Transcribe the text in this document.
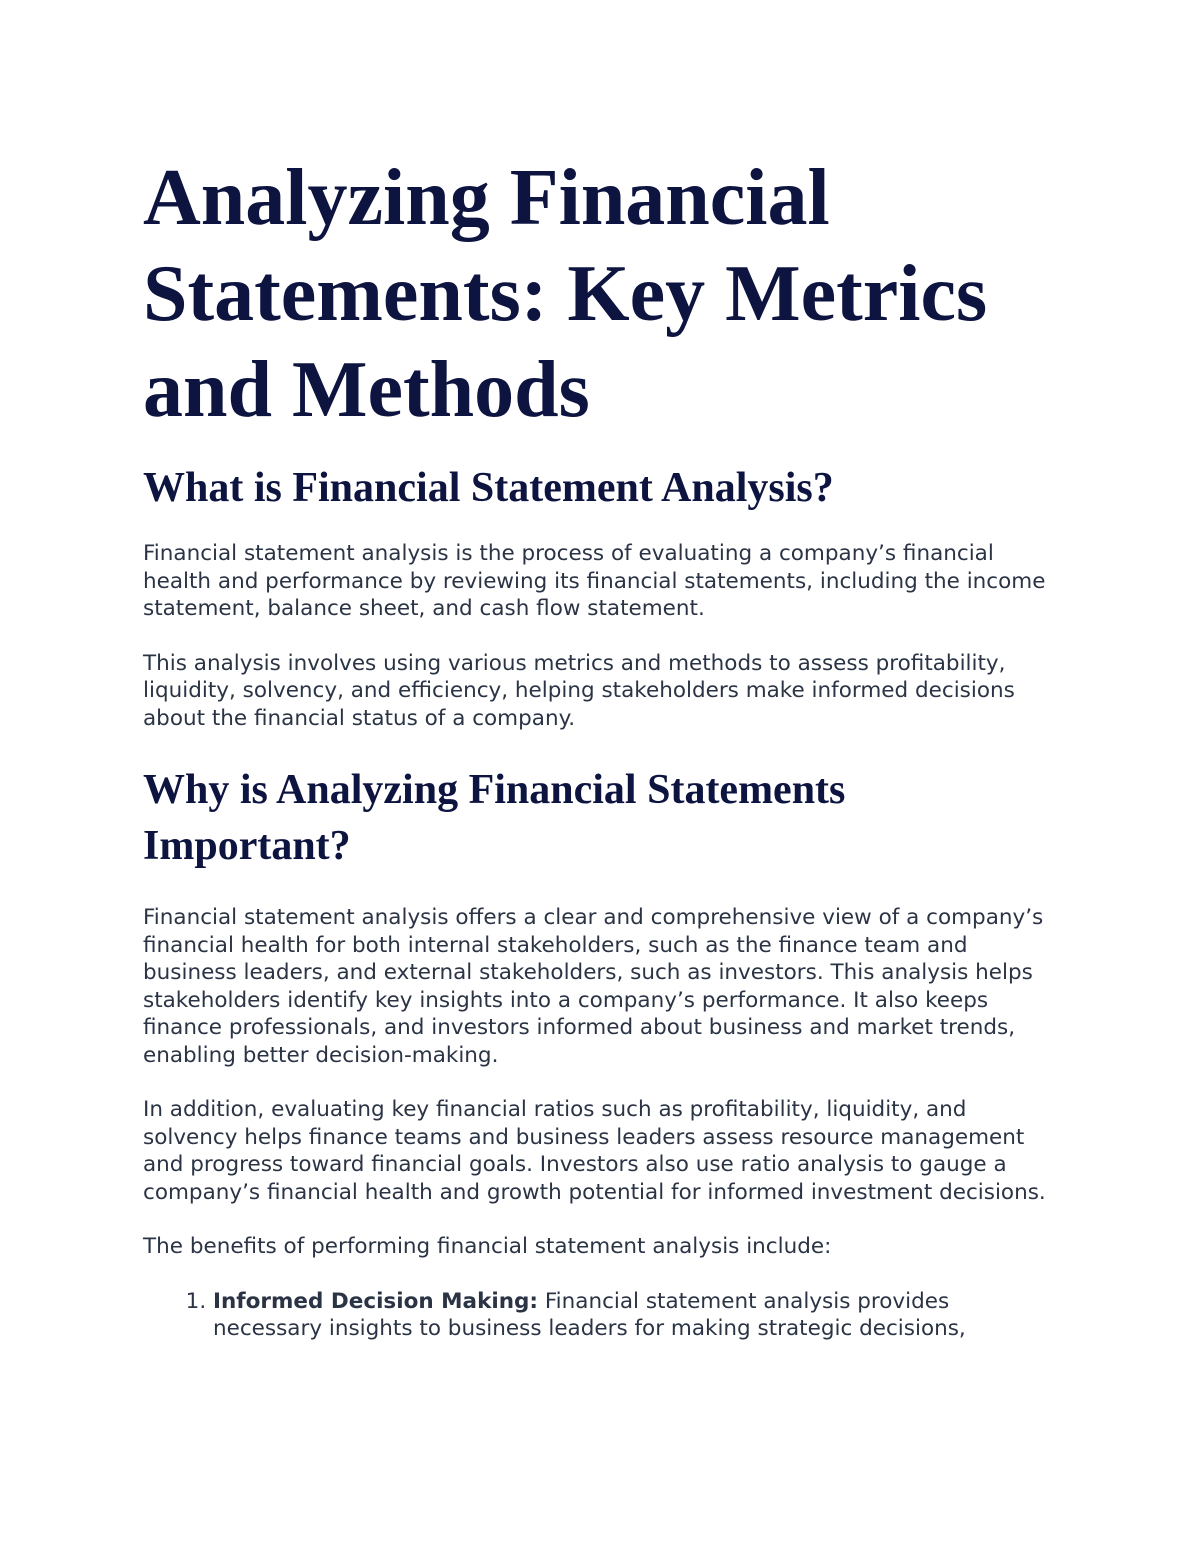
Analyzing Financial Statements: Key Metrics and Methods
What is Financial Statement Analysis?

Financial statement analysis is the process of evaluating a company’s financial health and performance by reviewing its financial statements, including the income statement, balance sheet, and cash flow statement.

This analysis involves using various metrics and methods to assess profitability, liquidity, solvency, and efficiency, helping stakeholders make informed decisions about the financial status of a company.

Why is Analyzing Financial Statements Important?

Financial statement analysis offers a clear and comprehensive view of a company’s financial health for both internal stakeholders, such as the finance team and business leaders, and external stakeholders, such as investors. This analysis helps stakeholders identify key insights into a company’s performance. It also keeps finance professionals, and investors informed about business and market trends, enabling better decision-making.

In addition, evaluating key financial ratios such as profitability, liquidity, and solvency helps finance teams and business leaders assess resource management and progress toward financial goals. Investors also use ratio analysis to gauge a company’s financial health and growth potential for informed investment decisions.

The benefits of performing financial statement analysis include:

1. Informed Decision Making: Financial statement analysis provides necessary insights to business leaders for making strategic decisions,
